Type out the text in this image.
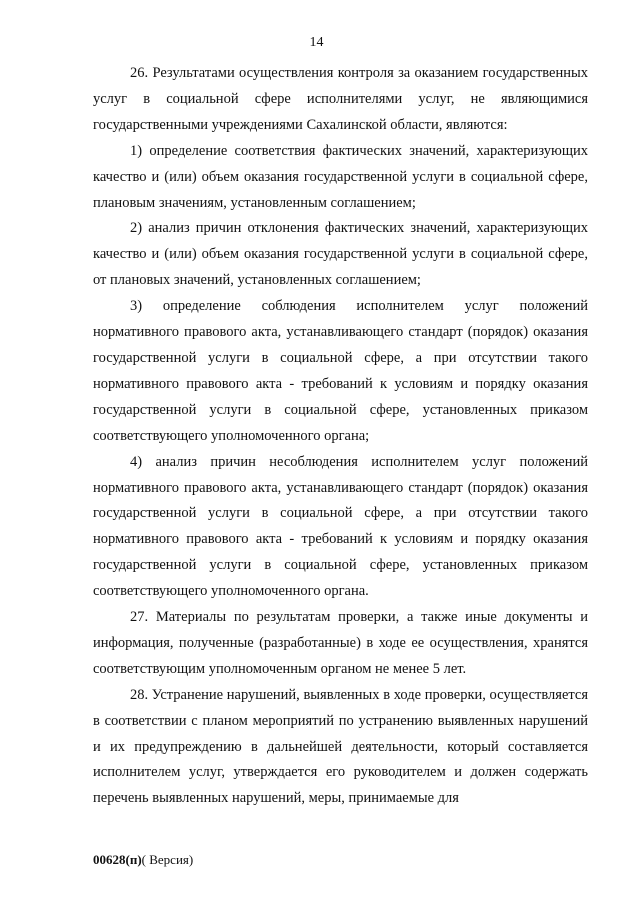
14

26. Результатами осуществления контроля за оказанием государственных услуг в социальной сфере исполнителями услуг, не являющимися государственными учреждениями Сахалинской области, являются:

1) определение соответствия фактических значений, характеризующих качество и (или) объем оказания государственной услуги в социальной сфере, плановым значениям, установленным соглашением;

2) анализ причин отклонения фактических значений, характеризующих качество и (или) объем оказания государственной услуги в социальной сфере, от плановых значений, установленных соглашением;

3) определение соблюдения исполнителем услуг положений нормативного правового акта, устанавливающего стандарт (порядок) оказания государственной услуги в социальной сфере, а при отсутствии такого нормативного правового акта - требований к условиям и порядку оказания государственной услуги в социальной сфере, установленных приказом соответствующего уполномоченного органа;

4) анализ причин несоблюдения исполнителем услуг положений нормативного правового акта, устанавливающего стандарт (порядок) оказания государственной услуги в социальной сфере, а при отсутствии такого нормативного правового акта - требований к условиям и порядку оказания государственной услуги в социальной сфере, установленных приказом соответствующего уполномоченного органа.

27. Материалы по результатам проверки, а также иные документы и информация, полученные (разработанные) в ходе ее осуществления, хранятся соответствующим уполномоченным органом не менее 5 лет.

28. Устранение нарушений, выявленных в ходе проверки, осуществляется в соответствии с планом мероприятий по устранению выявленных нарушений и их предупреждению в дальнейшей деятельности, который составляется исполнителем услуг, утверждается его руководителем и должен содержать перечень выявленных нарушений, меры, принимаемые для

00628(п)( Версия)
